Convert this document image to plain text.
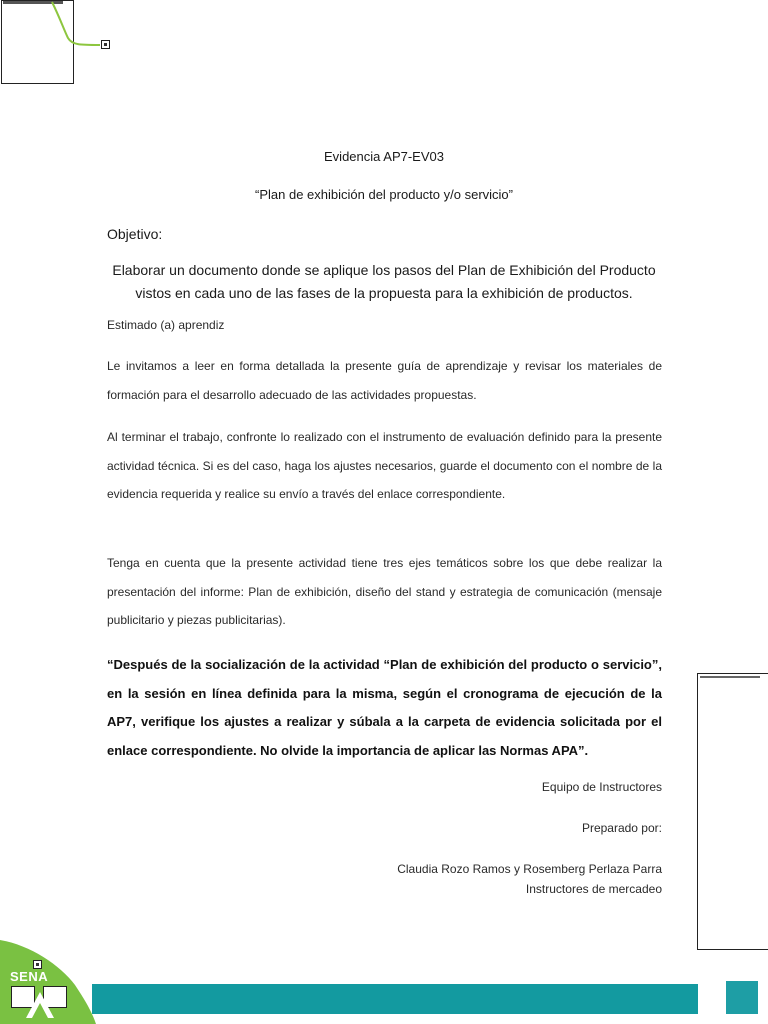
Evidencia AP7-EV03
“Plan de exhibición del producto y/o servicio”
Objetivo:
Elaborar un documento donde se aplique los pasos del Plan de Exhibición del Producto vistos en cada uno de las fases de la propuesta para la exhibición de productos.
Estimado (a) aprendiz
Le invitamos a leer en forma detallada la presente guía de aprendizaje y revisar los materiales de formación para el desarrollo adecuado de las actividades propuestas.
Al terminar el trabajo, confronte lo realizado con el instrumento de evaluación definido para la presente actividad técnica. Si es del caso, haga los ajustes necesarios, guarde el documento con el nombre de la evidencia requerida y realice su envío a través del enlace correspondiente.
Tenga en cuenta que la presente actividad tiene tres ejes temáticos sobre los que debe realizar la presentación del informe: Plan de exhibición, diseño del stand y estrategia de comunicación (mensaje publicitario y piezas publicitarias).
“Después de la socialización de la actividad “Plan de exhibición del producto o servicio”, en la sesión en línea definida para la misma, según el cronograma de ejecución de la AP7, verifique los ajustes a realizar y súbala a la carpeta de evidencia solicitada por el enlace correspondiente. No olvide la importancia de aplicar las Normas APA”.
Equipo de Instructores
Preparado por:
Claudia Rozo Ramos y Rosemberg Perlaza Parra
Instructores de mercadeo
SENA
